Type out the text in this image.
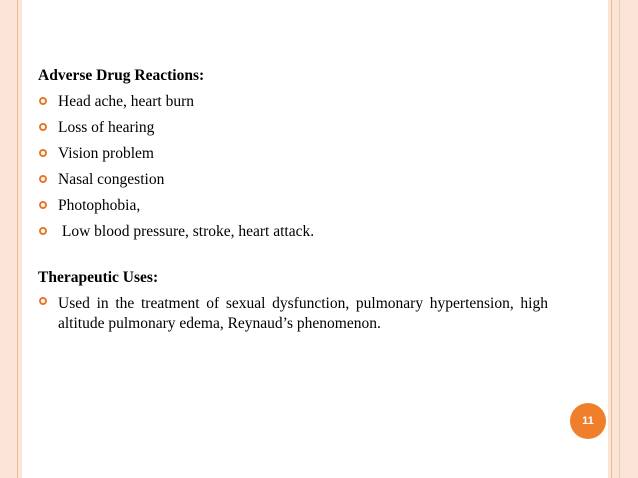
Adverse Drug Reactions:

Head ache, heart burn
Loss of hearing
Vision problem
Nasal congestion
Photophobia,
Low blood pressure, stroke, heart attack.

Therapeutic Uses:

Used in the treatment of sexual dysfunction, pulmonary hypertension, high altitude pulmonary edema, Reynaud’s phenomenon.
11
